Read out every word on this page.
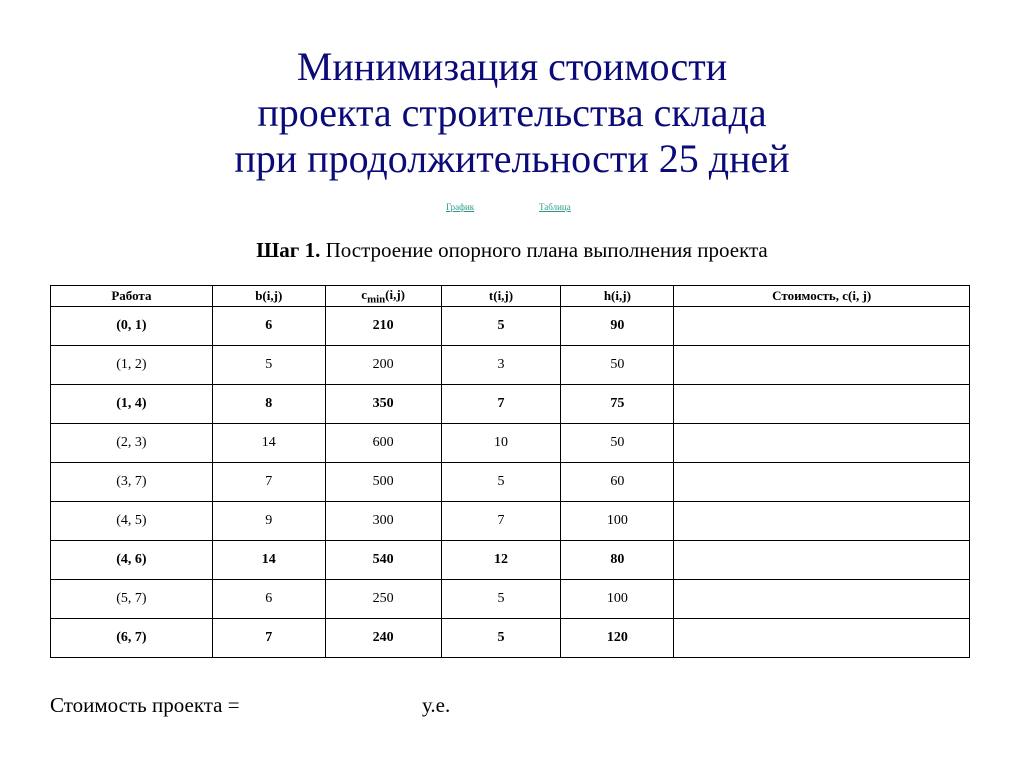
Минимизация стоимости
проекта строительства склада
при продолжительности 25 дней
График	Таблица
Шаг 1. Построение опорного плана выполнения проекта
Работа	b(i,j)	$c_{min}(i,j)$	t(i,j)	h(i,j)	Стоимость, c(i, j)
(0, 1)	6	210	5	90	
(1, 2)	5	200	3	50	
(1, 4)	8	350	7	75	
(2, 3)	14	600	10	50	
(3, 7)	7	500	5	60	
(4, 5)	9	300	7	100	
(4, 6)	14	540	12	80	
(5, 7)	6	250	5	100	
(6, 7)	7	240	5	120	
Стоимость проекта =	у.е.
